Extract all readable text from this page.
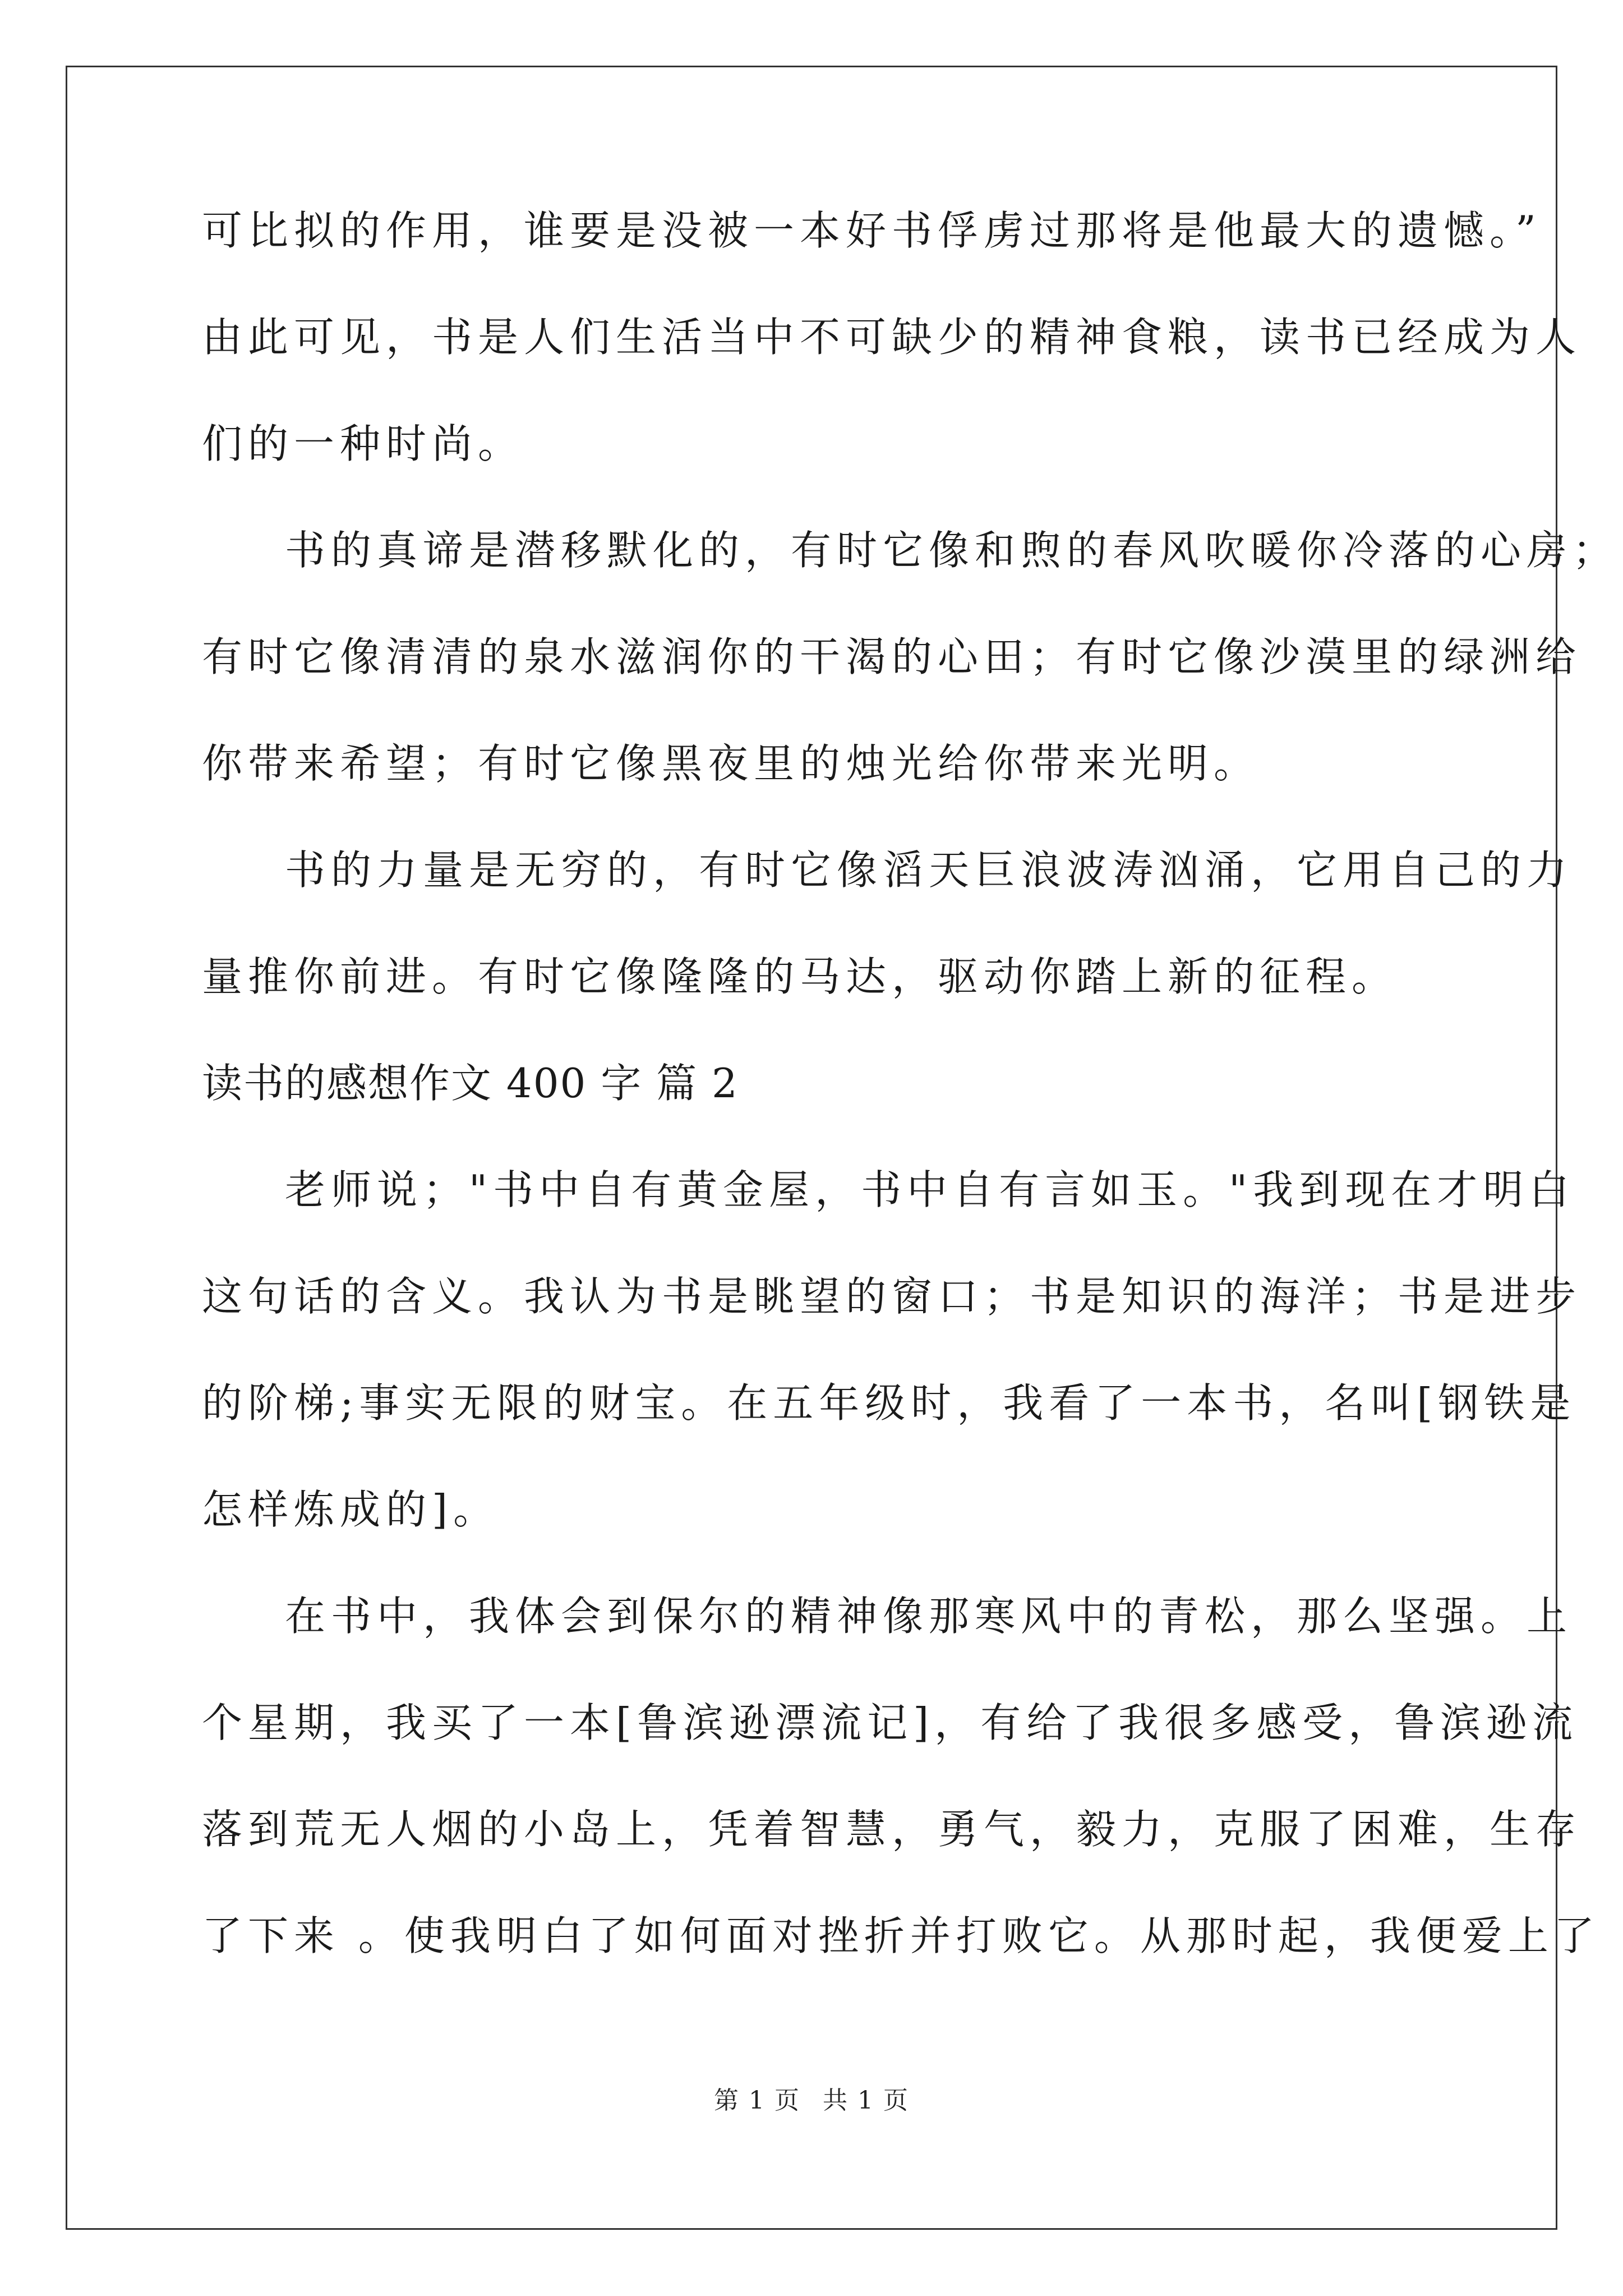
可比拟的作用，谁要是没被一本好书俘虏过那将是他最大的遗憾。”
由此可见，书是人们生活当中不可缺少的精神食粮，读书已经成为人
们的一种时尚。
书的真谛是潜移默化的，有时它像和煦的春风吹暖你冷落的心房；
有时它像清清的泉水滋润你的干渴的心田；有时它像沙漠里的绿洲给
你带来希望；有时它像黑夜里的烛光给你带来光明。
书的力量是无穷的，有时它像滔天巨浪波涛汹涌，它用自己的力
量推你前进。有时它像隆隆的马达，驱动你踏上新的征程。
读书的感想作文 400 字 篇 2
老师说；"书中自有黄金屋，书中自有言如玉。"我到现在才明白
这句话的含义。我认为书是眺望的窗口；书是知识的海洋；书是进步
的阶梯;事实无限的财宝。在五年级时，我看了一本书，名叫[钢铁是
怎样炼成的]。
在书中，我体会到保尔的精神像那寒风中的青松，那么坚强。上
个星期，我买了一本[鲁滨逊漂流记]，有给了我很多感受，鲁滨逊流
落到荒无人烟的小岛上，凭着智慧，勇气，毅力，克服了困难，生存
了下来 。使我明白了如何面对挫折并打败它。从那时起，我便爱上了
第 1 页 共 1 页
